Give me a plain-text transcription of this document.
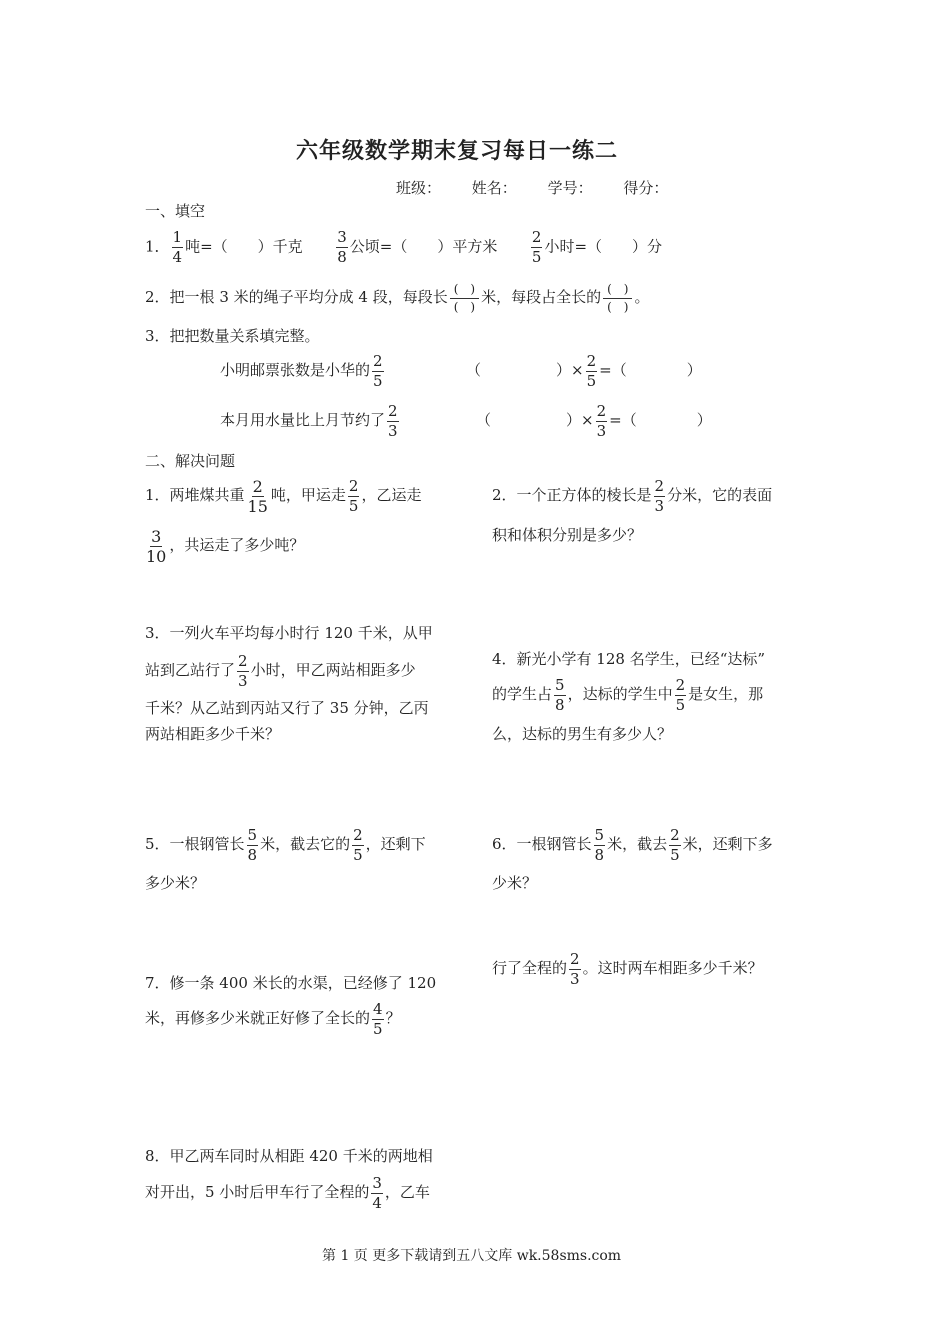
六年级数学期末复习每日一练二
班级： 姓名： 学号： 得分：
一、填空
1． $\frac{1}{4}$ 吨=（　　）千克 $\frac{3}{8}$ 公顷=（　　）平方米 $\frac{2}{5}$ 小时=（　　）分
2．把一根 3 米的绳子平均分成 4 段，每段长 $\frac{( )}{( )}$ 米，每段占全长的 $\frac{( )}{( )}$ 。
3．把把数量关系填完整。
小明邮票张数是小华的 $\frac{2}{5}$	（　　　　　）× $\frac{2}{5}$ =（　　　　）
本月用水量比上月节约了 $\frac{2}{3}$	（　　　　　）× $\frac{2}{3}$ =（　　　　）
二、解决问题
1．两堆煤共重 $\frac{2}{15}$ 吨，甲运走 $\frac{2}{5}$ ，乙运走
$\frac{3}{10}$ ，共运走了多少吨？
2．一个正方体的棱长是 $\frac{2}{3}$ 分米，它的表面
积和体积分别是多少？
3．一列火车平均每小时行 120 千米，从甲
站到乙站行了 $\frac{2}{3}$ 小时，甲乙两站相距多少
千米？从乙站到丙站又行了 35 分钟，乙丙
两站相距多少千米？
4．新光小学有 128 名学生，已经“达标”
的学生占 $\frac{5}{8}$ ，达标的学生中 $\frac{2}{5}$ 是女生，那
么，达标的男生有多少人？
5．一根钢管长 $\frac{5}{8}$ 米，截去它的 $\frac{2}{5}$ ，还剩下
多少米？
6．一根钢管长 $\frac{5}{8}$ 米，截去 $\frac{2}{5}$ 米，还剩下多
少米？
行了全程的 $\frac{2}{3}$ 。这时两车相距多少千米？
7．修一条 400 米长的水渠，已经修了 120
米，再修多少米就正好修了全长的 $\frac{4}{5}$ ？
8．甲乙两车同时从相距 420 千米的两地相
对开出，5 小时后甲车行了全程的 $\frac{3}{4}$ ，乙车
第 1 页 更多下载请到五八文库 wk.58sms.com
